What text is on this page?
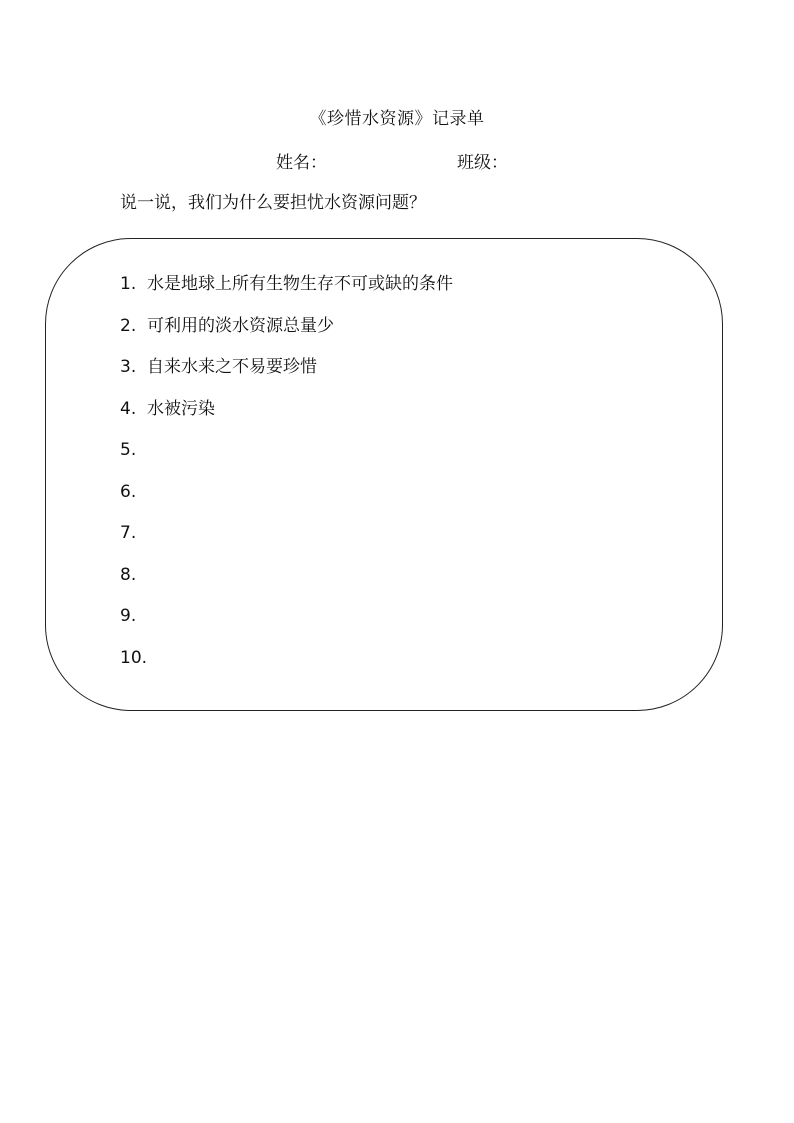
《珍惜水资源》记录单
姓名：	班级：
说一说，我们为什么要担忧水资源问题？
1. 水是地球上所有生物生存不可或缺的条件
2. 可利用的淡水资源总量少
3. 自来水来之不易要珍惜
4. 水被污染
5.
6.
7.
8.
9.
10.
